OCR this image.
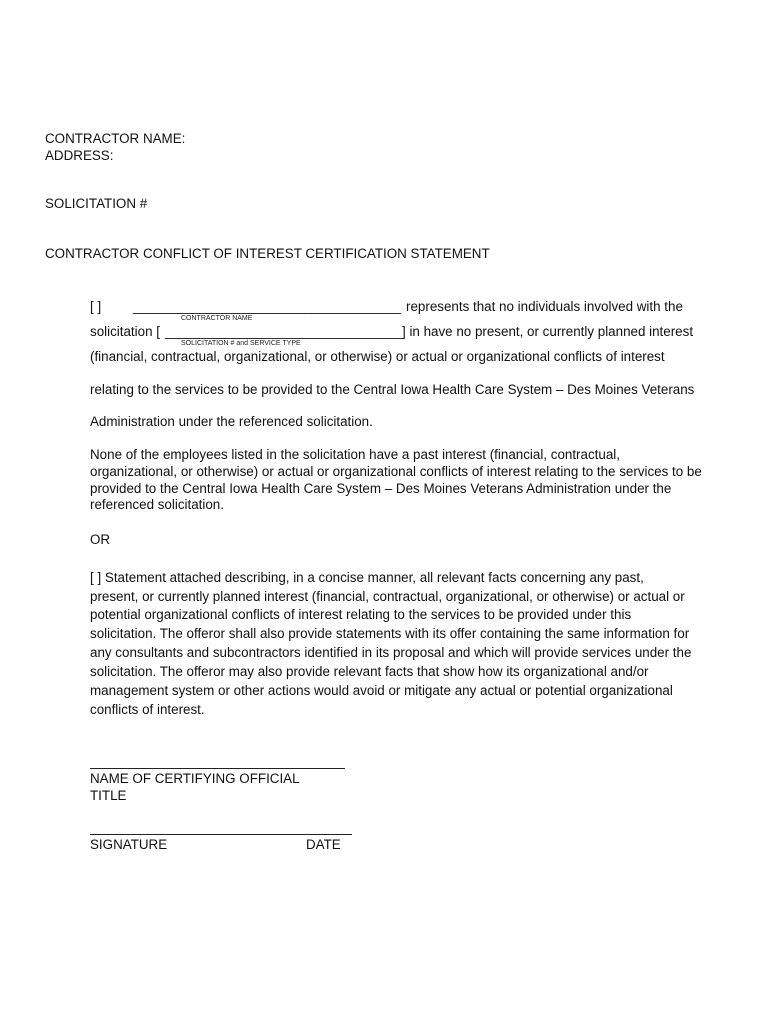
CONTRACTOR NAME:
ADDRESS:
SOLICITATION #
CONTRACTOR CONFLICT OF INTEREST CERTIFICATION STATEMENT
[ ] ____________________________________ represents that no individuals involved with the
CONTRACTOR NAME
solicitation [ ________________________________
] in have no present, or currently planned interest
SOLICITATION # and SERVICE TYPE
(financial, contractual, organizational, or otherwise) or actual or organizational conflicts of interest
relating to the services to be provided to the Central Iowa Health Care System – Des Moines Veterans
Administration under the referenced solicitation.
None of the employees listed in the solicitation have a past interest (financial, contractual,
organizational, or otherwise) or actual or organizational conflicts of interest relating to the services to be
provided to the Central Iowa Health Care System – Des Moines Veterans Administration under the
referenced solicitation.
OR
[ ] Statement attached describing, in a concise manner, all relevant facts concerning any past,
present, or currently planned interest (financial, contractual, organizational, or otherwise) or actual or
potential organizational conflicts of interest relating to the services to be provided under this
solicitation. The offeror shall also provide statements with its offer containing the same information for
any consultants and subcontractors identified in its proposal and which will provide services under the
solicitation. The offeror may also provide relevant facts that show how its organizational and/or
management system or other actions would avoid or mitigate any actual or potential organizational
conflicts of interest.
NAME OF CERTIFYING OFFICIAL
TITLE
SIGNATURE	DATE
